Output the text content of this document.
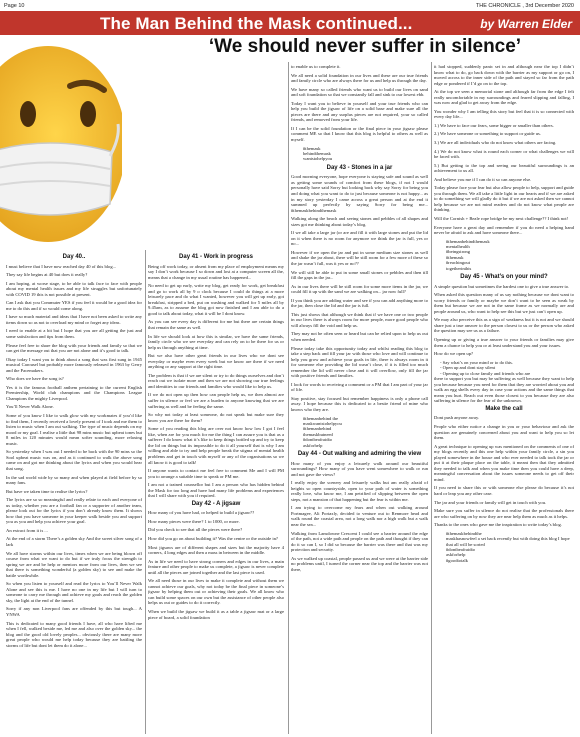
Page 10	THE CHRONICLE , 3rd December 2020
The Man Behind the Mask continued...	by Warren Elder
‘We should never suffer in silence’
Day 40..

I must believe that I have now reached day 40 of this blog...

They say life begins at 40 but does it really?

I am hoping, at worse stage, to be able to talk face to face with people about my mental health issues and my life struggles but unfortunately with COVID 19 this is not possible at present.

Can I ask that you Commuter YES if you feel it would be a good idea for me to do this and if so would come along.

I have so much material and ideas that I have not been asked to write any items down so as not to overload my mind or forget any ideas.

I need to enable at a bit but I hope that you are all getting the just and some satisfaction and tips from them.

Please feel free to share the blog with your friends and family so that we can get the message out that you are not alone and it’s good to talk.

Okay today I want you to think about a song that was first sung in 1945 musical Carousel but probably more famously released in 1963 by Gerry and the Pacemakers.

Who does we have the song is?

Yes it is the famous football anthem pertaining to the current English Premiership, World club champions and the Champions League Champions the mighty Liverpool.

You’ll Never Walk Alone.

Some of you know I like to walk glow with my workmates if you’d like to find them, I recently received a lovely present of I took and me them to listen to music when I am out walking. The type of music depends on my mood or my goal. I realise a little that 98 mins music but upbeat tones but 8 miles in 120 minutes would mean softer sounding, more relaxing music.

So yesterday when I was out I needed to be back with the 90 mins so the Sool upbeat music was on, and as it continued to walk the above song came on and got me thinking about the lyrics and when you would hear that song.

In the sad world wide by so many and when played at field before by so many fans.

But have we taken time to realise the lyrics?

The lyrics are so so meaningful and really relate to each and everyone of us today, whether you are a football fan or a supporter of another team, please look out for the lyrics if you don’t already know them. It shows how that you have someone in your keeper walk beside you and support you as you and help you achieve your goal.

An extract from it is ...

At the end of a storm There’s a golden sky And the sweet silver song of a lark

We all have storms within our lives, times when we are being blown off course from what we want to do but if we truly focus the strength to spring we are and be help or mentors more from our lives, then we see that there is something wonderful (a golden sky) to see and make the battle worthwhile.

So when you listen to yourself and read the lyrics to You’ll Never Walk Alone and see this is me. I have no one in my life but I will turn to someone to carry me through and achieve my goals and reach the golden sky, the light at the end of the tunnel.

Sorry if any non Liverpool fans are offended by this but tough... A YNWA

This is dedicated to many good friends I have, all who have lifted me when I fell, walked beside me, led me and also over the golden sky... the blog and the good old lovely peoples... obviously there are many more great people who would me help today because they are battling the storms of life but dont let them do it alone...

Day 41 - Work in progress

Being off work today, or absent from my place of employment means my say I don’t work because I so down and lost at a computer screen all the, means that a change in my usual routine has happened...

No need to get up early, write my blog, get ready for work, get breakfast and go to work all by 9 o clock because I could do things at a more leisurely pace and do what I wanted, however you will get up early, got breakfast, stripped a bed, put on washing and walked for 5 miles all by 9.45am, as to assume the blog got now finished and I am able to do a good to talk about today, what it will be I dont know.

As you can see every day is different for me but there are certain things that remain the same as well.

In life we should look at how this is similar, we have the same friends, family circle who we see everyday and can rely on to be there for us or help us through anything at time.

But we also have other great friends in our lives who we dont see everyday or maybe even every week but we know are there if we need anything or any support at the right time.

The problem is that if we are silent or try to do things ourselves and don’t reach out we isolate more and then we are not showing our true feelings and identities to our friends and families who would like to help us.

If we do not open up then how can people help us, we then almost are suffer in silence or feel we are a burden to anyone knowing that we are suffering as well and be feeling the same.

So why not today at least someone, do not speak but make sure they know you are there for them?

Some of you reading this blog are over not know how low I got I feel like, when are for you much for me the thing I can assure you is that as a sufferer I do know what it’s like to keep things bottled up and try to keep the lid on things but its impossible to do it all yourself that is why I am willing and able to try and help people break the stigma of mental health problems and get in touch with myself or any of the organisations so we all know it is good to talk!

If anyone wants to contact me feel free to comment Me and I will PM you to arrange a suitable time to speak or PM me.

I am not a trained counsellor but I am a person who has hidden behind the Mask for too long and have had many life problems and experiences that I will share with you if required.

Day 42 - A jigsaw

How many of you have had, or helped to build a jigsaw??

How many pieces were there? 1 to 1000, or more.

Did you check to see that all the pieces were there?

How did you go on about building it? Was the centre or the outside in?

Most jigsaws are of different shapes and sizes but the majority have 4 corners, 4 long edges and then a mass in between in the middle.

As in life we need to have strong corners and edges in our lives, a main feature and other people to make us complete, a jigsaw is never complete until all the pieces are joined together and the last piece is used.

We all need those in our lives to make it complete and without them we cannot achieve our goals, why not today be the final piece in someone’s jigsaw by helping them out or achieving their goals. We all know who can build some spaces on our own but the assistance of other people also helps us out or guides to do it correctly.

When we build the jigsaw we build it as a table a jigsaw mat or a large piece of board, a solid foundation

to enable us to complete it.

We all need a solid foundation in our lives and these are our true friends and family circle who are always there for us and help us through the day.

We have many so called friends who want us to build our lives on sand and soft foundation so that we constantly fall and sink to our lowest ebb.

Today I want you to believe in yourself and your true friends who can help you build the jigsaw of life on a solid base and make sure all the pieces are there and any surplus pieces are not required, your so called friends, and removed from your life.

If I can be the solid foundation or the final piece in your jigsaw please comment ME so that I know that this blog is helpful to others as well as myself.

#themask
behindthemask
wantstohelpyou
Day 43 - Stones in a jar

Good morning everyone, hope everyone is staying safe and sound as well as getting some sounds of comfort from these blogs, if not I would personally have said Sorry but looking back why say Sorry for being you and doing what you want to do to just because someone is not happy... as in my story yesterday I came across a great person and at the end it summed up perfectly by saying Sorry for being me... #themaskbehindthemask

Walking along the beach and seeing stones and pebbles of all shapes and sizes got me thinking about today’s blog.

If we all take a large jar (or are and fill it with large stones and put the lid on it when there is no room for anymore we think the jar is full, yes or no...

However if we open the jar and put in some medium size stones as well and shake the jar about, there will be still room for a few more of these so the jar wasn’t full, was it yes or no??

We will still be able to put in some small stones or pebbles and then till fill the gaps in the jar...

As in our lives there will be still room for some more items in the jar, we could fill it up with the sand we are walking on... jar now full?

If you think you are adding water and see if you can add anything more to the jar, then close the lid and the jar is full.

This just shows that although we think that if we have one or two people in our lives there is always room for more people, more good people who will always fill the void and help us.

They may not be often seen or heard but can be relied upon to help us out when needed.

Please today take this opportunity today and whilst reading this blog to take a step back and fill your jar with those who love and will continue to help you grow and achieve your goals in life, there is always room in it for someone else providing the lid wasn’t close, if it is filled too much remember the lid will never close and it will overflow, only fill the jar with positive friends and families.

I look for words to receiving a comment or a PM that I am part of your jar of life.

Stay positive, stay focused but remember happiness is only a phone call away. I hope because this is dedicated to a bestie friend of mine who knows who they are.

#themanbehind the
maskwantstohelpyou
#themanbehind
themaskbutneed
#dontbeafraidto
askforhelp
Day 44 - Out walking and admiring the view

How many of you enjoy a leisurely walk around our beautiful surroundings? How many of you have went somewhere to walk or run and not gave the views?

I really enjoy the scenery and leisurely walks but am really afraid of heights so open countryside, open to your path of water is something really love, who know me, I am petrified of slipping between the open steps, not a mansion of that happening but the fear is within me.

I am trying to overcome my fears and when out walking around Portmagee, Ali Portaxly, decided to venture out to Renmore head and walk round the coastal area, not a long walk nor a high walk but a walk near the sea...

Walking from Lansdowne Crescent I could see a barrier around the edge of the path, not a wide path and people on the path and thought if they can do it so can I, so I did so because the barrier was there and that was my protection and security.

As we walked up coastal, people passed us and we were at the barrier side no problems until, I turned the corner near the top and the barrier was not there,

it had stopped, suddenly panic set in and although near the top I didn’t know what to do, go back down with the barrier as my support or go on, I moved across to the inner side of the path and stayed so far from the path edge or pondered if I’d go on to the top.

At the top we seen a memorial stone and although far from the edge I felt really uncomfortable in my surroundings and feared slipping and falling, I was now and glad to get away from the edge.

You wonder why I am telling this story but feel that it is so connected with every day life...

1.) We have to face our fears, some bigger or smaller than others.

2.) We have someone or something to support or guide us.

3.) We are all individuals who do not know what others are facing.

4.) We do not know what is round each corner or what challenges we will be faced with.

5.) But getting to the top and seeing our beautiful surroundings is an achievement to us all.

And believe you me if I can do it so can anyone else.

Today please face your fear but also allow people to help, support and guide you through them. We all take a little light in our hearts and if we are asked to do something we will gladly do it but if we are not asked then we cannot help because we are not mind readers and do not know what people are thinking.

Will the Cornish + Beale rope bridge be my next challenge?? I think not!

Everyone have a great day and remember if you do need a helping hand never be afraid to ask and have someone there...

#themanbehindthemask
mentalhealth
#beingstrong
#themask
#reachingout
togetherinthis
Day 45 - What’s on your mind?

A simple question but sometimes the hardest one to give a true answer to.

When asked this question many of us say nothing because we dont want to worry friends or family or maybe we don’t want to be seen as weak by them but because we are not in the same frame as we normally are and people around us, who want to help see this but we just can’t open up.

We may also perceive this as a sign of weakness but it is not and we should share just a true answer to the person closest to us or the person who asked the question may see us as a failure.

Opening up or giving a true answer to your friends or families may give them a chance to help you or at least understand you and your issues.

How do we open up?

- Say what’s on your mind or to do this.
- Open up and dont stay silent
- Opening up to close family and friends who are

there to support you but may be suffering as well because they want to help you because because you need for them that they are worried about you and walk an egg shells every day in case your actions and the same things that mean you hurt. Reach out even those closest to you because they are also suffering in silence for the fear of the unknown.

Make the call

Dont push anyone away.

People who either notice a change in you or your behaviour and ask the question are genuinely concerned about you and want to help you so let them.

A great technique to opening up was mentioned on the comments of one of my blogs recently and this one help within your family circle, a sin you played somewhere in the house and who ever needed to talk took the jar or put it at their plaque place on the table, it meant then that they admitted they needed to talk and when you make time then you could have a deep, meaningful conversation about the issues someone needs to get off their mind.

If you need to share this or with someone else please do because it’s not hard or leap you any other case.

The jar and your friends or family will get in touch with you.

Make sure you suffer in silence do not realise that the professionals there are who suffering on by now they are near help them as much as it helps.

Thanks to the ones who gave me the inspiration to write today’s blog.

#themaskbehindthe
maskhasnowfeel a set back recently but with doing this blog I hope that all will be sorted
#dontbeafraidto
askforhelp
#goodtotalk
